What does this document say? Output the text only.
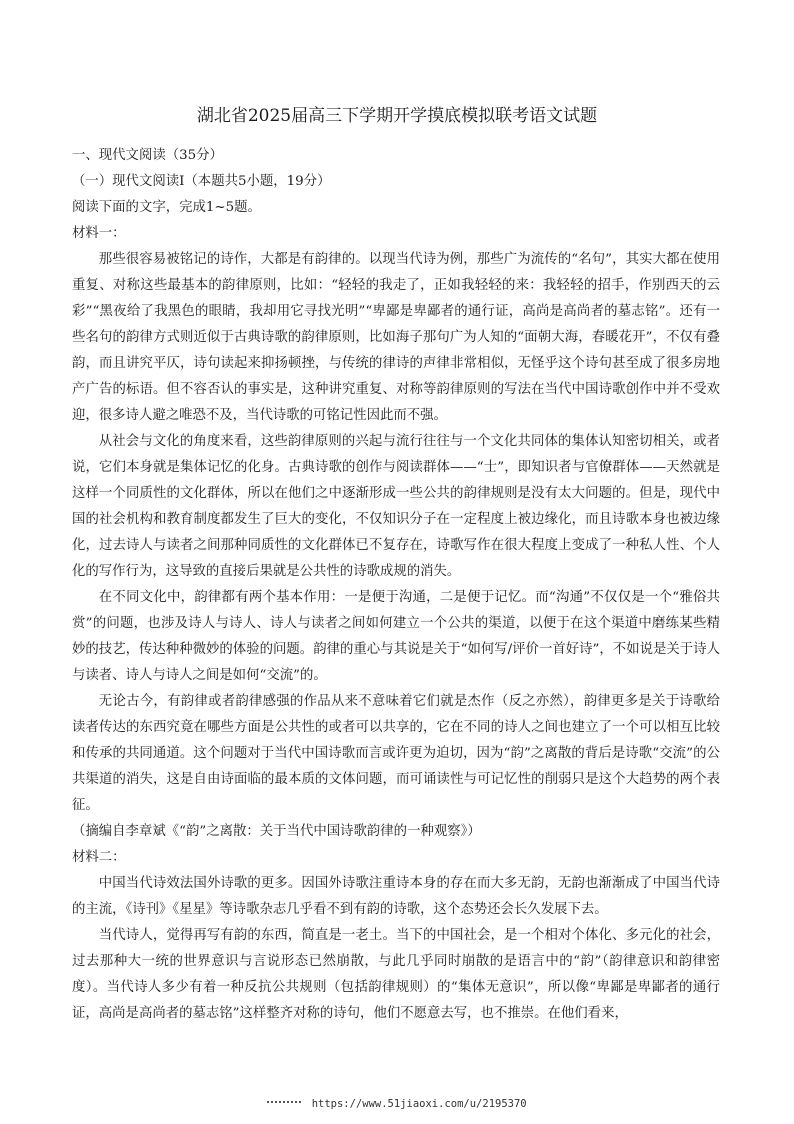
湖北省2025届高三下学期开学摸底模拟联考语文试题

一、现代文阅读（35分）

（一）现代文阅读Ⅰ（本题共5小题，19分）

阅读下面的文字，完成1~5题。

材料一：

那些很容易被铭记的诗作，大都是有韵律的。以现当代诗为例，那些广为流传的“名句”，其实大都在使用重复、对称这些最基本的韵律原则，比如：“轻轻的我走了，正如我轻轻的来：我轻轻的招手，作别西天的云彩”“黑夜给了我黑色的眼睛，我却用它寻找光明”“卑鄙是卑鄙者的通行证，高尚是高尚者的墓志铭”。还有一些名句的韵律方式则近似于古典诗歌的韵律原则，比如海子那句广为人知的“面朝大海，春暖花开”，不仅有叠韵，而且讲究平仄，诗句读起来抑扬顿挫，与传统的律诗的声律非常相似，无怪乎这个诗句甚至成了很多房地产广告的标语。但不容否认的事实是，这种讲究重复、对称等韵律原则的写法在当代中国诗歌创作中并不受欢迎，很多诗人避之唯恐不及，当代诗歌的可铭记性因此而不强。

从社会与文化的角度来看，这些韵律原则的兴起与流行往往与一个文化共同体的集体认知密切相关，或者说，它们本身就是集体记忆的化身。古典诗歌的创作与阅读群体——“士”，即知识者与官僚群体——天然就是这样一个同质性的文化群体，所以在他们之中逐渐形成一些公共的韵律规则是没有太大问题的。但是，现代中国的社会机构和教育制度都发生了巨大的变化，不仅知识分子在一定程度上被边缘化，而且诗歌本身也被边缘化，过去诗人与读者之间那种同质性的文化群体已不复存在，诗歌写作在很大程度上变成了一种私人性、个人化的写作行为，这导致的直接后果就是公共性的诗歌成规的消失。

在不同文化中，韵律都有两个基本作用：一是便于沟通，二是便于记忆。而“沟通”不仅仅是一个“雅俗共赏”的问题，也涉及诗人与诗人、诗人与读者之间如何建立一个公共的渠道，以便于在这个渠道中磨练某些精妙的技艺，传达种种微妙的体验的问题。韵律的重心与其说是关于“如何写/评价一首好诗”，不如说是关于诗人与读者、诗人与诗人之间是如何“交流”的。

无论古今，有韵律或者韵律感强的作品从来不意味着它们就是杰作（反之亦然），韵律更多是关于诗歌给读者传达的东西究竟在哪些方面是公共性的或者可以共享的，它在不同的诗人之间也建立了一个可以相互比较和传承的共同通道。这个问题对于当代中国诗歌而言或许更为迫切，因为“韵”之离散的背后是诗歌“交流”的公共渠道的消失，这是自由诗面临的最本质的文体问题，而可诵读性与可记忆性的削弱只是这个大趋势的两个表征。

（摘编自李章斌《“韵”之离散：关于当代中国诗歌韵律的一种观察》）

材料二：

中国当代诗效法国外诗歌的更多。因国外诗歌注重诗本身的存在而大多无韵，无韵也渐渐成了中国当代诗的主流，《诗刊》《星星》等诗歌杂志几乎看不到有韵的诗歌，这个态势还会长久发展下去。

当代诗人，觉得再写有韵的东西，简直是一老土。当下的中国社会，是一个相对个体化、多元化的社会，过去那种大一统的世界意识与言说形态已然崩散，与此几乎同时崩散的是语言中的“韵”（韵律意识和韵律密度）。当代诗人多少有着一种反抗公共规则（包括韵律规则）的“集体无意识”，所以像“卑鄙是卑鄙者的通行证，高尚是高尚者的墓志铭”这样整齐对称的诗句，他们不愿意去写，也不推崇。在他们看来，

https://www.51jiaoxi.com/u/2195370
